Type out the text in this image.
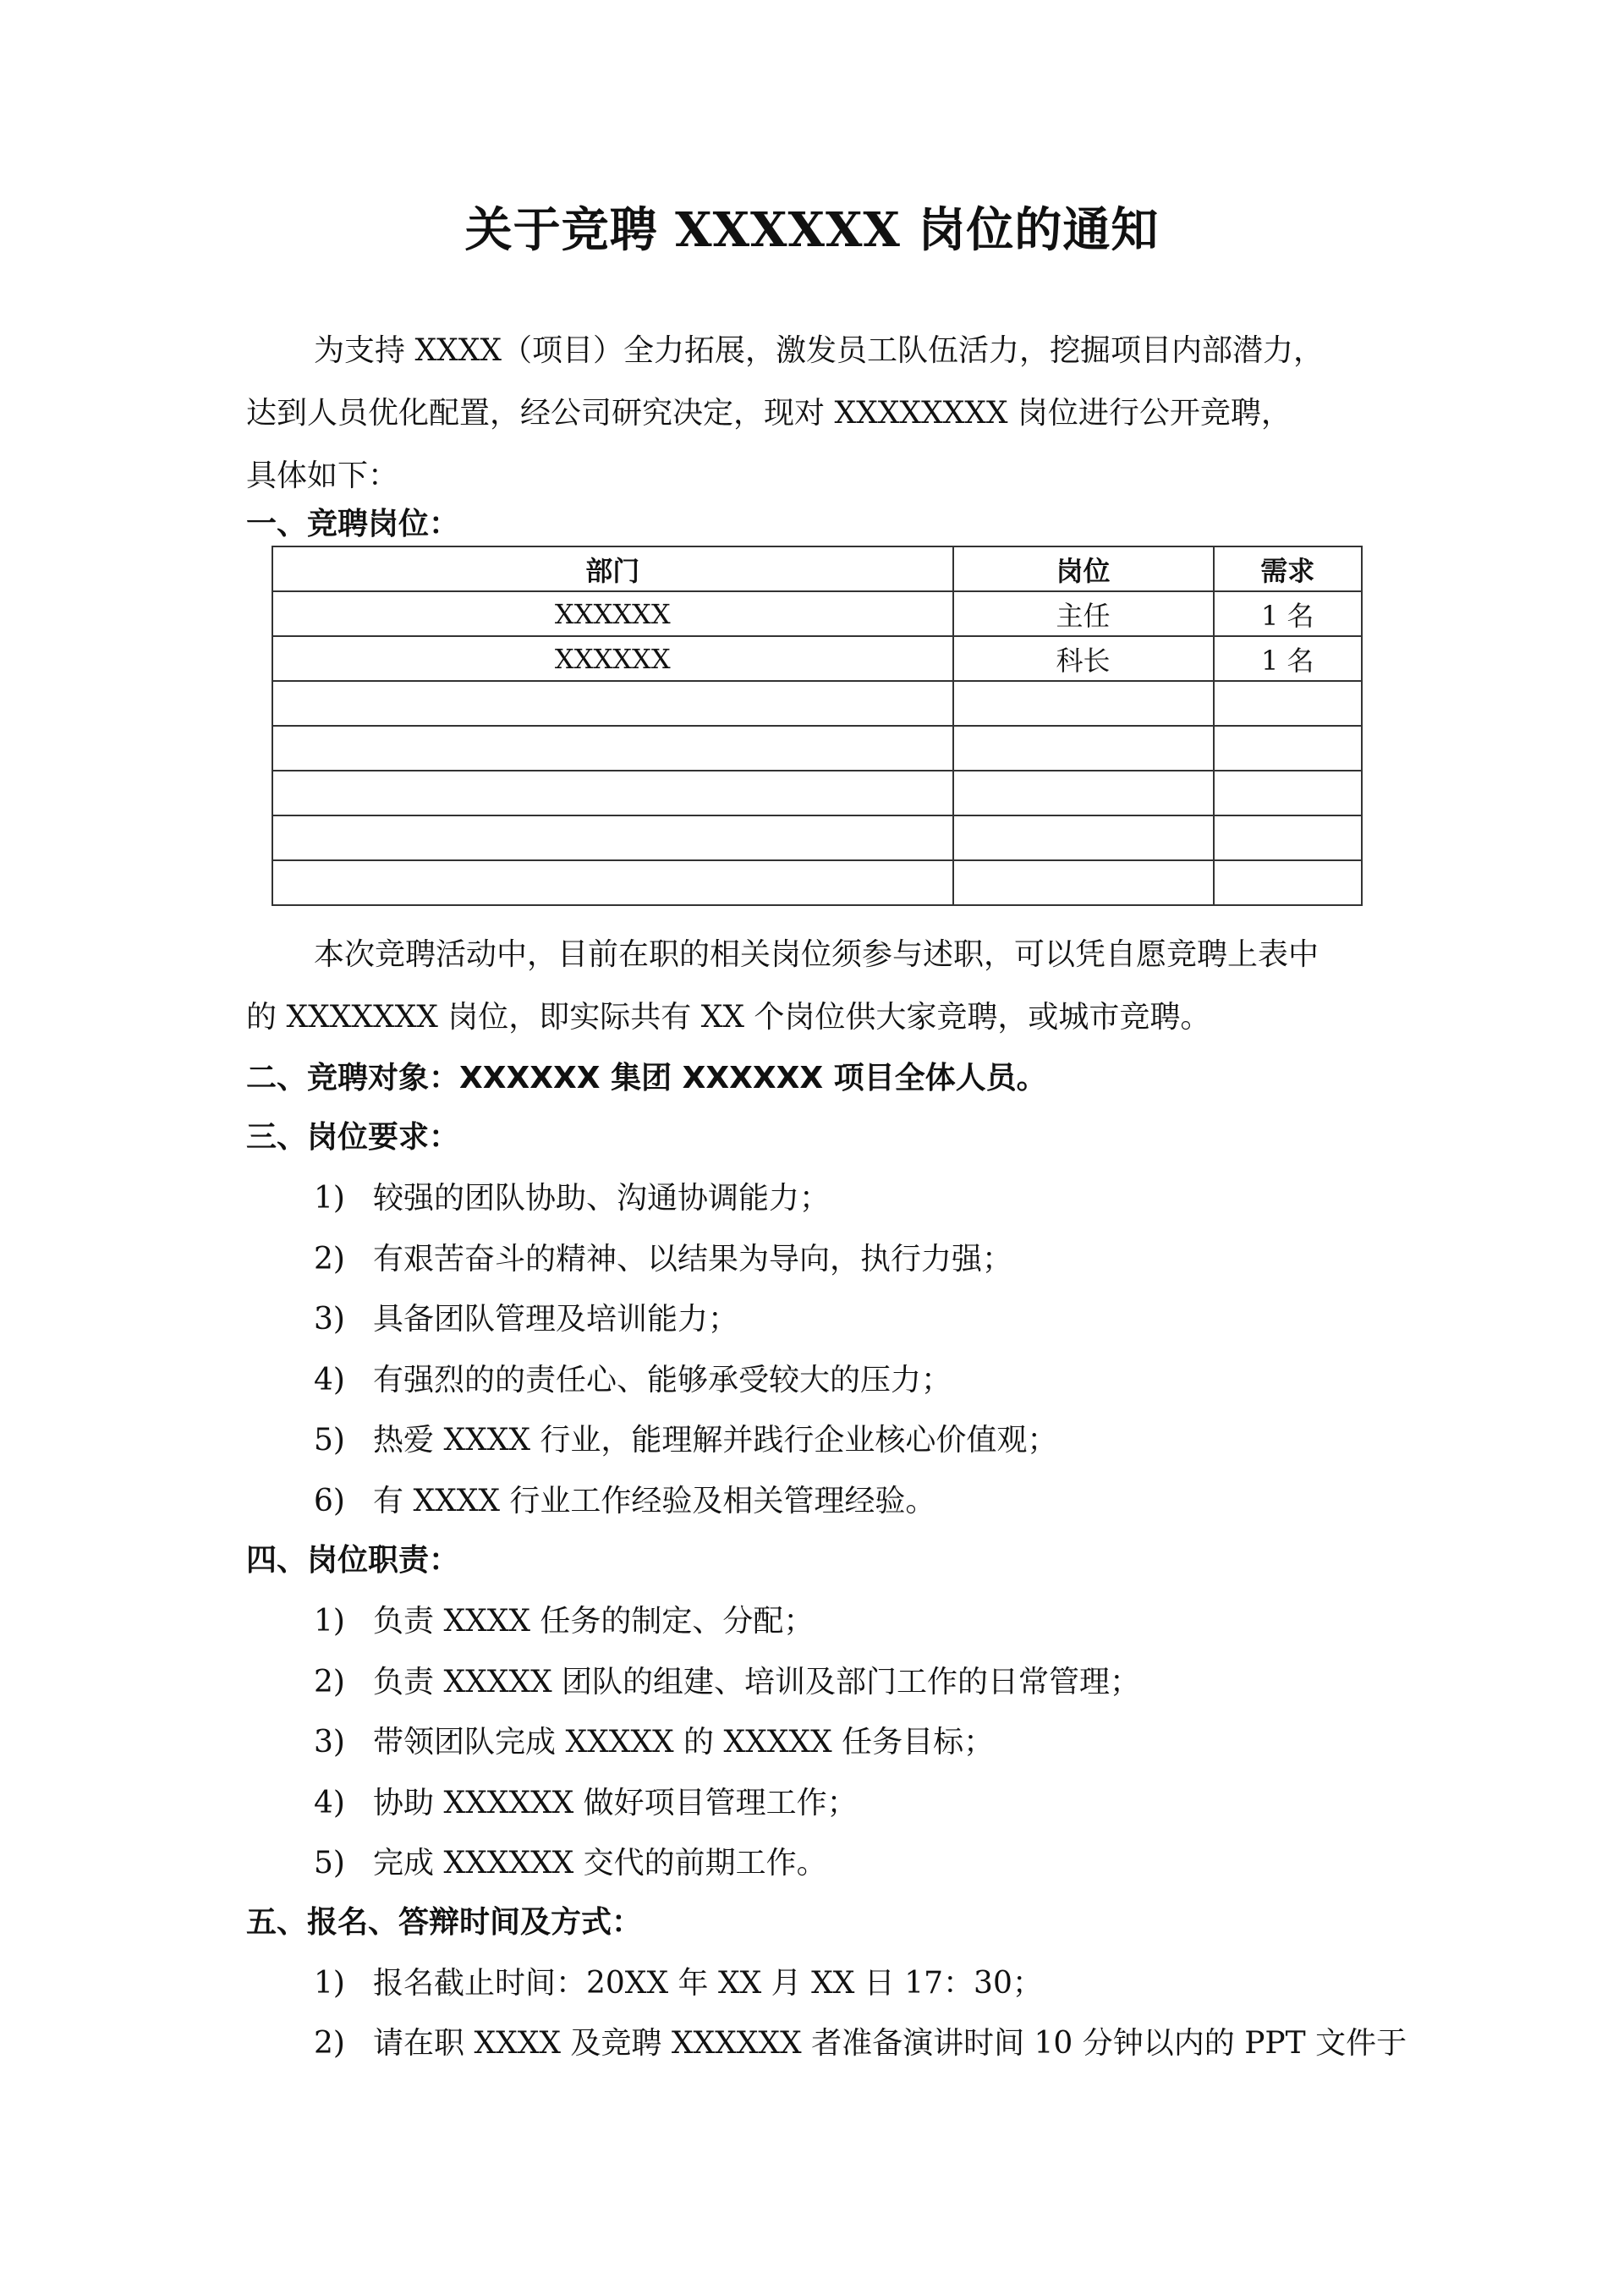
关于竞聘 XXXXXX 岗位的通知
为支持 XXXX（项目）全力拓展，激发员工队伍活力，挖掘项目内部潜力，
达到人员优化配置，经公司研究决定，现对 XXXXXXXX 岗位进行公开竞聘，
具体如下：
一、竞聘岗位：
部门	岗位	需求
XXXXXX	主任	1 名
XXXXXX	科长	1 名

本次竞聘活动中，目前在职的相关岗位须参与述职，可以凭自愿竞聘上表中
的 XXXXXXX 岗位，即实际共有 XX 个岗位供大家竞聘，或城市竞聘。
二、竞聘对象：XXXXXX 集团 XXXXXX 项目全体人员。
三、岗位要求：
1) 较强的团队协助、沟通协调能力；
2) 有艰苦奋斗的精神、以结果为导向，执行力强；
3) 具备团队管理及培训能力；
4) 有强烈的的责任心、能够承受较大的压力；
5) 热爱 XXXX 行业，能理解并践行企业核心价值观；
6) 有 XXXX 行业工作经验及相关管理经验。
四、岗位职责：
1) 负责 XXXX 任务的制定、分配；
2) 负责 XXXXX 团队的组建、培训及部门工作的日常管理；
3) 带领团队完成 XXXXX 的 XXXXX 任务目标；
4) 协助 XXXXXX 做好项目管理工作；
5) 完成 XXXXXX 交代的前期工作。
五、报名、答辩时间及方式：
1) 报名截止时间：20XX 年 XX 月 XX 日 17：30；
2) 请在职 XXXX 及竞聘 XXXXXX 者准备演讲时间 10 分钟以内的 PPT 文件于
